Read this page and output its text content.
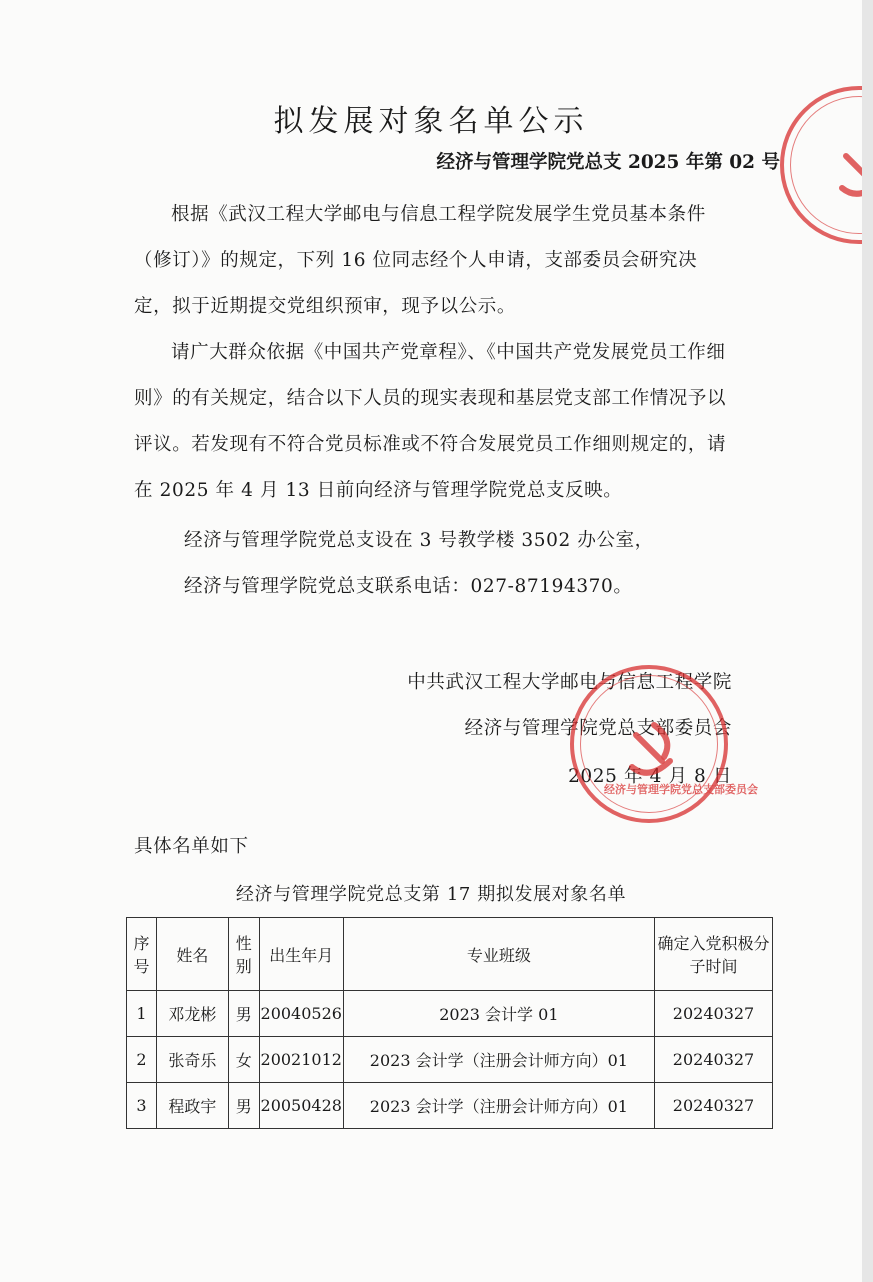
拟发展对象名单公示
经济与管理学院党总支 2025 年第 02 号

根据《武汉工程大学邮电与信息工程学院发展学生党员基本条件（修订）》的规定，下列 16 位同志经个人申请，支部委员会研究决定，拟于近期提交党组织预审，现予以公示。

请广大群众依据《中国共产党章程》、《中国共产党发展党员工作细则》的有关规定，结合以下人员的现实表现和基层党支部工作情况予以评议。若发现有不符合党员标准或不符合发展党员工作细则规定的，请在 2025 年 4 月 13 日前向经济与管理学院党总支反映。

经济与管理学院党总支设在 3 号教学楼 3502 办公室，
经济与管理学院党总支联系电话：027-87194370。
中共武汉工程大学邮电与信息工程学院
经济与管理学院党总支部委员会
2025 年 4 月 8 日
经济与管理学院党总支部委员会
具体名单如下
经济与管理学院党总支第 17 期拟发展对象名单
序号	姓名	性别	出生年月	专业班级	确定入党积极分子时间
1	邓龙彬	男	20040526	2023 会计学 01	20240327
2	张奇乐	女	20021012	2023 会计学（注册会计师方向）01	20240327
3	程政宇	男	20050428	2023 会计学（注册会计师方向）01	20240327
